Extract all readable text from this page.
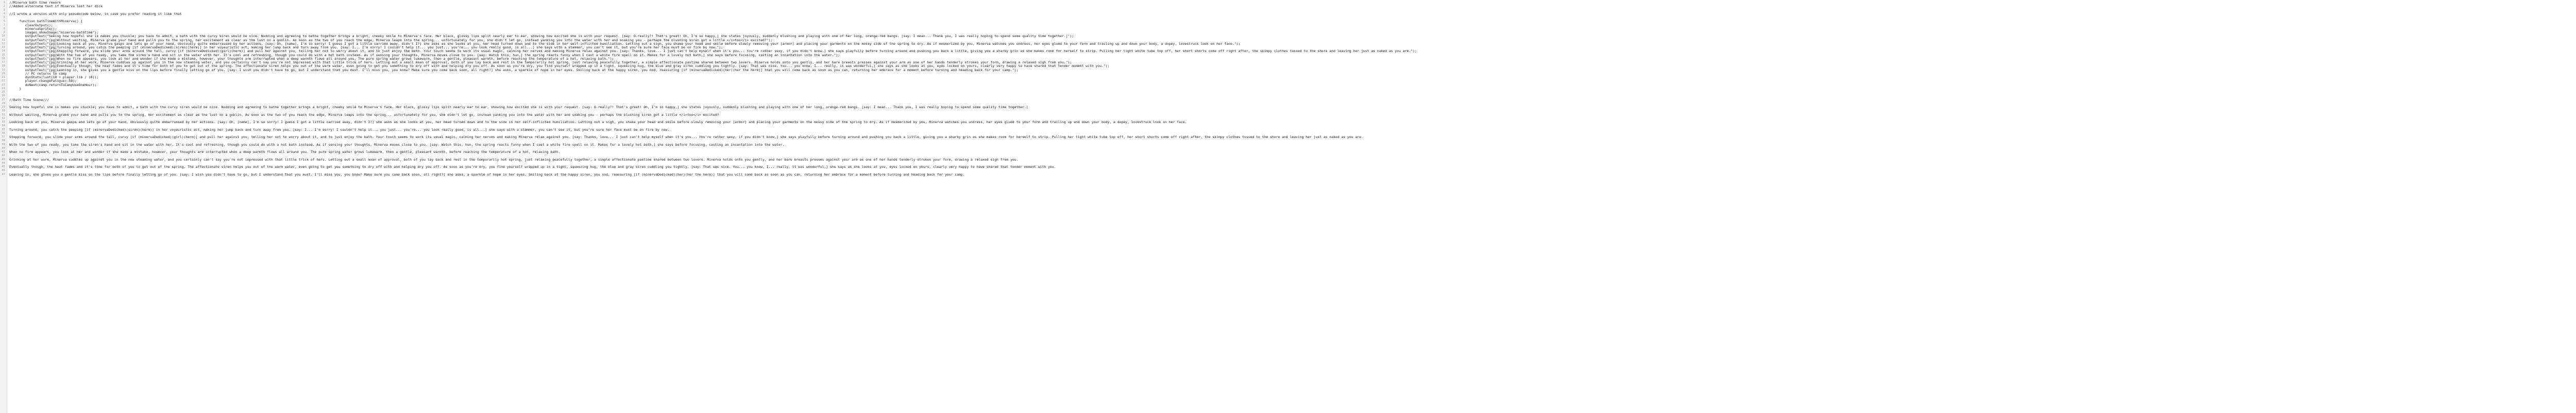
1 //Minerva bath time rework
2 //Added alternate text if Minerva lost her dick
3
4 //I wrote a version with only pseudocode below, in case you prefer reading it like that
5
6 function bathTimeWithMinerva() {
7 clearOutput();
8 minervaSprite();
9 images.showImage("minerva-bathtime");
10 outputText("Seeing how hopeful she is makes you chuckle; you have to admit, a bath with the curvy siren would be nice. Nodding and agreeing to bathe together brings a bright, cheeky smile to Minerva's face. Her black, glossy lips split nearly ear to ear, showing how excited she is with your request. [say: O-really?! That's great! Oh, I'm so happy,] she states joyously, suddenly blushing and playing with one of her long, orange-red bangs. [say: I mean... Thank you, I was really hoping to spend some quality time together.]");
11 outputText("[pg]Without waiting, Minerva grabs your hand and pulls you to the spring, her excitement as clear as the lust on a goblin. As soon as the two of you reach the edge, Minerva leaps into the spring... unfortunately for you, she didn't let go, instead yanking you into the water with her and soaking you - perhaps the blushing siren got a little </i>too</i> excited?");
12 outputText("[pg]Looking back at you, Minerva gasps and lets go of your hand, obviously quite embarrassed by her actions. [say: Oh, [name], I'm so sorry! I guess I got a little carried away, didn't I?] she asks as she looks at you, her head turned down and to the side in her self-inflicted humiliation. Letting out a sigh, you shake your head and smile before slowly removing your [armor] and placing your garments on the mossy side of the spring to dry. As if mesmerized by you, Minerva watches you undress, her eyes glued to your form and trailing up and down your body, a dopey, lovestruck look on her face.");
13 outputText("[pg]Turning around, you catch the peeping [if (minervaDedicked)(siren)(herm)] in her voyeuristic act, making her jump back and turn away from you. [say: I... I'm sorry! I couldn't help it... you just... you're... you look really good, is all...] she says with a stammer, you can't see it, but you're sure her face must be on fire by now.");
14 outputText("[pg]Stepping forward, you slide your arms around the tall, curvy [if (minervaDedicked)(girl)(herm)] and pull her against you, telling her not to worry about it, and to just enjoy the bath. Your touch seems to work its usual magic, calming her nerves and making Minerva relax against you. [say: Thanks, love... I just can't help myself when it's you... You're rather sexy, if you didn't know,] she says playfully before turning around and pushing you back a little, giving you a sharky grin as she makes room for herself to strip. Pulling her tight white tube top off, her short shorts come off right after, the skimpy clothes tossed to the shore and leaving her just as naked as you are.");
15 outputText("[pg]With the two of you ready, you take the siren's hand and sit in the water with her. It's cool and refreshing, though you could do with a hot bath instead. As if sensing your thoughts, Minerva moves close to you. [say: Watch this, hun,] the spring reacts funny when I cast a white fire spell on it. Makes for a lovely hot bath,] she says before focusing, casting an incantation into the water.");
16 outputText("[pg]When no fire appears, you look at her and wonder if she made a mistake, however, your thoughts are interrupted when a deep warmth flows all around you. The pure spring water grows lukewarm, then a gentle, pleasant warmth, before reaching the temperature of a hot, relaxing bath.");
17 outputText("[pg]Grinning at her work, Minerva cuddles up against you in the now steaming water, and you certainly can't say you're not impressed with that little trick of hers. Letting out a small moan of approval, both of you lay back and rest in the temporarily hot spring, just relaxing peacefully together, a simple affectionate pastime shared between two lovers. Minerva holds onto you gently, and her bare breasts presses against your arm as one of her hands tenderly strokes your form, drawing a relaxed sigh from you.");
18 outputText("[pg]Eventually though, the heat fades and it's time for both of you to get out of the spring. The affectionate siren helps you out of the warm water, even going to get you something to dry off with and helping dry you off. As soon as you're dry, you find yourself wrapped up in a tight, squeezing hug, the blue and gray siren cuddling you tightly. [say: That was nice. You... you know, I... really, it was wonderful,] she says as she looks at you, eyes locked on yours, clearly very happy to have shared that tender moment with you.");
19 outputText("[pg]Leaning in, she gives you a gentle kiss on the lips before finally letting go of you. [say: I wish you didn't have to go, but I understand that you must. I'll miss you, you know? Make sure you come back soon, all right?] she asks, a sparkle of hope in her eyes. Smiling back at the happy siren, you nod, reassuring [if (minervaDedicked)(her)(her the herm)] that you will come back as soon as you can, returning her embrace for a moment before turning and heading back for your camp.");
20 // PC returns to camp
21 dynStats(lust(10 + player.lib / 10));
22 player.changeFatigue(-50);
23 doNext(camp.returnToCampUseOneHour);
24 }
25
26
27 //Bath Time Scene///
28
29 Seeing how hopeful she is makes you chuckle; you have to admit, a bath with the curvy siren would be nice. Nodding and agreeing to bathe together brings a bright, cheeky smile to Minerva's face. Her black, glossy lips split nearly ear to ear, showing how excited she is with your request. [say: O-really?! That's great! Oh, I'm so happy,] she states joyously, suddenly blushing and playing with one of her long, orange-red bangs. [say: I mean... Thank you, I was really hoping to spend some quality time together.]
30
31 Without waiting, Minerva grabs your hand and pulls you to the spring, her excitement as clear as the lust on a goblin. As soon as the two of you reach the edge, Minerva leaps into the spring... unfortunately for you, she didn't let go, instead yanking you into the water with her and soaking you - perhaps the blushing siren got a little </i>too</i> excited?
32
33 Looking back at you, Minerva gasps and lets go of your hand, obviously quite embarrassed by her actions. [say: Oh, [name], I'm so sorry! I guess I got a little carried away, didn't I?] she asks as she looks at you, her head turned down and to the side in her self-inflicted humiliation. Letting out a sigh, you shake your head and smile before slowly removing your [armor] and placing your garments on the mossy side of the spring to dry. As if mesmerized by you, Minerva watches you undress, her eyes glued to your form and trailing up and down your body, a dopey, lovestruck look on her face.
34
35 Turning around, you catch the peeping [if (minervaDedicked)(siren)(herm)] in her voyeuristic act, making her jump back and turn away from you. [say: I... I'm sorry! I couldn't help it... you just... you're... you look really good, is all...] she says with a stammer, you can't see it, but you're sure her face must be on fire by now.
36
37 Stepping forward, you slide your arms around the tall, curvy [if (minervaDedicked)(girl)(herm)] and pull her against you, telling her not to worry about it, and to just enjoy the bath. Your touch seems to work its usual magic, calming her nerves and making Minerva relax against you. [say: Thanks, love... I just can't help myself when it's you... You're rather sexy, if you didn't know,] she says playfully before turning around and pushing you back a little, giving you a sharky grin as she makes room for herself to strip. Pulling her tight white tube top off, her short shorts come off right after, the skimpy clothes tossed to the shore and leaving her just as naked as you are.
38
39 With the two of you ready, you take the siren's hand and sit in the water with her. It's cool and refreshing, though you could do with a hot bath instead. As if sensing your thoughts, Minerva moves close to you. [say: Watch this, hun, the spring reacts funny when I cast a white fire spell on it. Makes for a lovely hot bath,] she says before focusing, casting an incantation into the water.
40
41 When no fire appears, you look at her and wonder if she made a mistake, however, your thoughts are interrupted when a deep warmth flows all around you. The pure spring water grows lukewarm, then a gentle, pleasant warmth, before reaching the temperature of a hot, relaxing bath.
42
43 Grinning at her work, Minerva cuddles up against you in the now steaming water, and you certainly can't say you're not impressed with that little trick of hers. Letting out a small moan of approval, both of you lay back and rest in the temporarily hot spring, just relaxing peacefully together, a simple affectionate pastime shared between two lovers. Minerva holds onto you gently, and her bare breasts presses against your arm as one of her hands tenderly strokes your form, drawing a relaxed sigh from you.
44
45 Eventually though, the heat fades and it's time for both of you to get out of the spring. The affectionate siren helps you out of the warm water, even going to get you something to dry off with and helping dry you off. As soon as you're dry, you find yourself wrapped up in a tight, squeezing hug, the blue and gray siren cuddling you tightly. [say: That was nice. You... you know, I... really, it was wonderful,] she says as she looks at you, eyes locked on yours, clearly very happy to have shared that tender moment with you.
46
47 Leaning in, she gives you a gentle kiss on the lips before finally letting go of you. [say: I wish you didn't have to go, but I understand that you must. I'll miss you, you know? Make sure you come back soon, all right?] she asks, a sparkle of hope in her eyes. Smiling back at the happy siren, you nod, reassuring [if (minervaDedicked)(her)(her the herm)] that you will come back as soon as you can, returning her embrace for a moment before turning and heading back for your camp.
